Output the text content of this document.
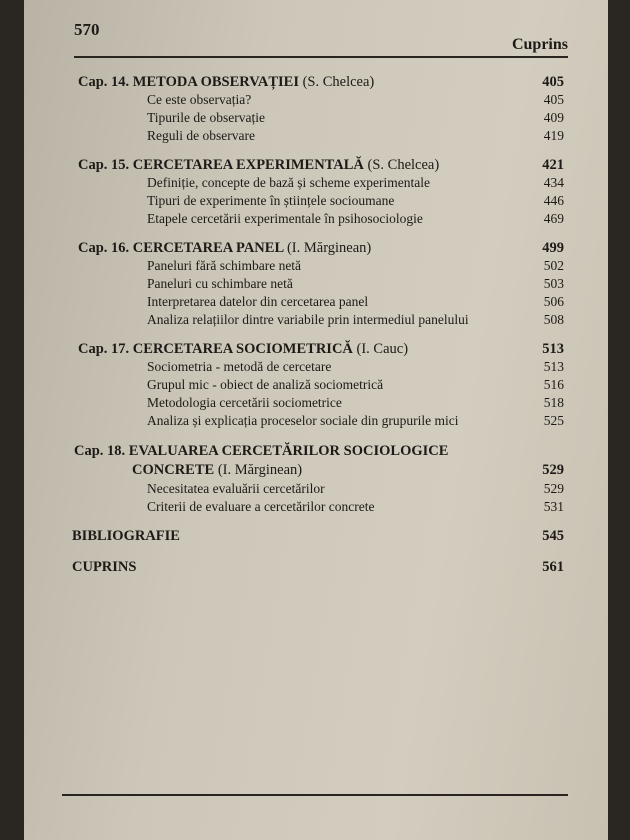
570
Cuprins
Cap. 14. METODA OBSERVAȚIEI (S. Chelcea)	405
Ce este observația?	405
Tipurile de observație	409
Reguli de observare	419
Cap. 15. CERCETAREA EXPERIMENTALĂ (S. Chelcea)	421
Definiție, concepte de bază și scheme experimentale	434
Tipuri de experimente în științele socioumane	446
Etapele cercetării experimentale în psihosociologie	469
Cap. 16. CERCETAREA PANEL (I. Mărginean)	499
Paneluri fără schimbare netă	502
Paneluri cu schimbare netă	503
Interpretarea datelor din cercetarea panel	506
Analiza relațiilor dintre variabile prin intermediul panelului	508
Cap. 17. CERCETAREA SOCIOMETRICĂ (I. Cauc)	513
Sociometria - metodă de cercetare	513
Grupul mic - obiect de analiză sociometrică	516
Metodologia cercetării sociometrice	518
Analiza și explicația proceselor sociale din grupurile mici	525
Cap. 18. EVALUAREA CERCETĂRILOR SOCIOLOGICE
CONCRETE (I. Mărginean)	529
Necesitatea evaluării cercetărilor	529
Criterii de evaluare a cercetărilor concrete	531
BIBLIOGRAFIE	545
CUPRINS	561
